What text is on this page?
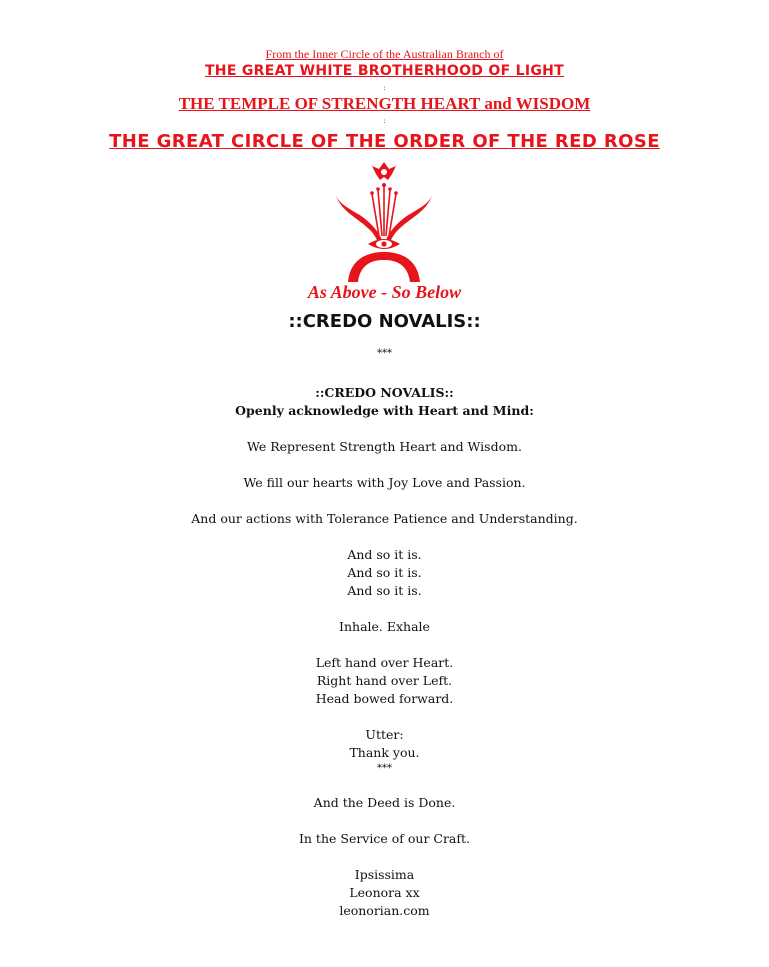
From the Inner Circle of the Australian Branch of
THE GREAT WHITE BROTHERHOOD OF LIGHT
:
THE TEMPLE OF STRENGTH HEART and WISDOM
:
THE GREAT CIRCLE OF THE ORDER OF THE RED ROSE
As Above - So Below
::CREDO NOVALIS::
***

::CREDO NOVALIS::

Openly acknowledge with Heart and Mind:

We Represent Strength Heart and Wisdom.

We fill our hearts with Joy Love and Passion.

And our actions with Tolerance Patience and Understanding.

And so it is.

And so it is.

And so it is.

Inhale. Exhale

Left hand over Heart.

Right hand over Left.

Head bowed forward.

Utter:

Thank you.

***

And the Deed is Done.

In the Service of our Craft.

Ipsissima

Leonora xx

leonorian.com
